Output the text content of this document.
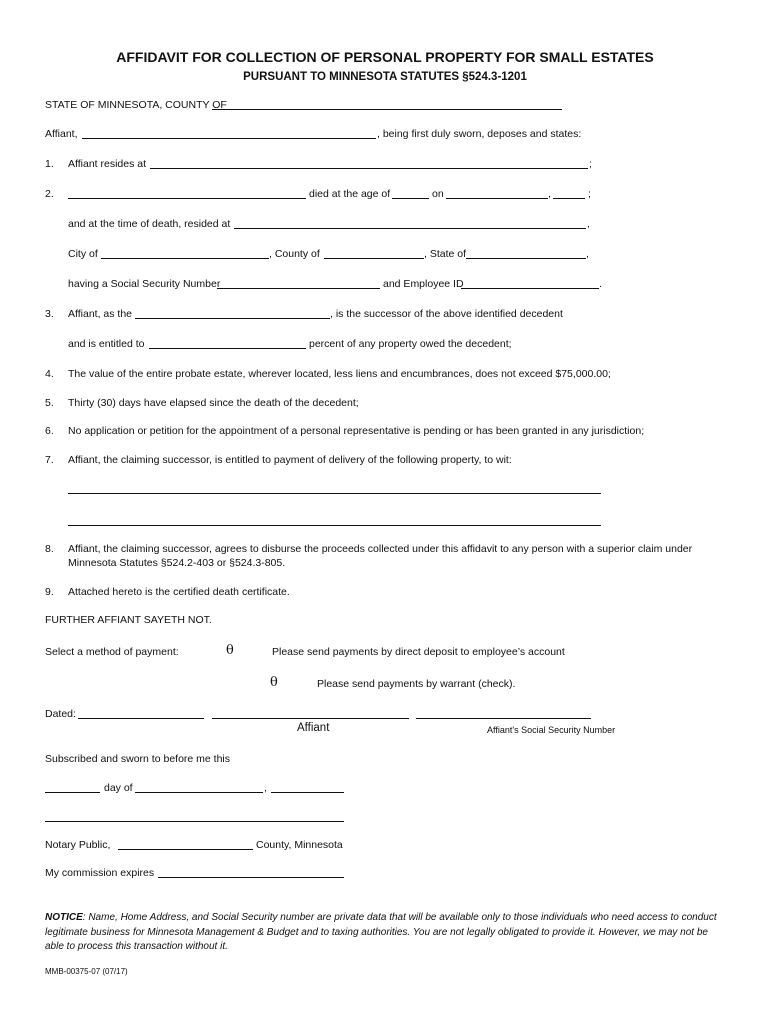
AFFIDAVIT FOR COLLECTION OF PERSONAL PROPERTY FOR SMALL ESTATES
PURSUANT TO MINNESOTA STATUTES §524.3-1201
STATE OF MINNESOTA, COUNTY OF
Affiant,	, being first duly sworn, deposes and states:
1.	Affiant resides at	;
2.	died at the age of	on	,	;
and at the time of death, resided at	,
City of	, County of	, State of	,
having a Social Security Number	and Employee ID	.
3.	Affiant, as the	, is the successor of the above identified decedent
and is entitled to	percent of any property owed the decedent;
4.	The value of the entire probate estate, wherever located, less liens and encumbrances, does not exceed $75,000.00;
5.	Thirty (30) days have elapsed since the death of the decedent;
6.	No application or petition for the appointment of a personal representative is pending or has been granted in any jurisdiction;
7.	Affiant, the claiming successor, is entitled to payment of delivery of the following property, to wit:
8.	Affiant, the claiming successor, agrees to disburse the proceeds collected under this affidavit to any person with a superior claim under
Minnesota Statutes §524.2-403 or §524.3-805.
9.	Attached hereto is the certified death certificate.
FURTHER AFFIANT SAYETH NOT.
Select a method of payment:	θ	Please send payments by direct deposit to employee’s account
θ	Please send payments by warrant (check).
Dated:
Affiant	Affiant's Social Security Number
Subscribed and sworn to before me this
day of	,
Notary Public,	County, Minnesota
My commission expires
NOTICE: Name, Home Address, and Social Security number are private data that will be available only to those individuals who need access to conduct legitimate business for Minnesota Management & Budget and to taxing authorities. You are not legally obligated to provide it. However, we may not be able to process this transaction without it.
MMB-00375-07 (07/17)
